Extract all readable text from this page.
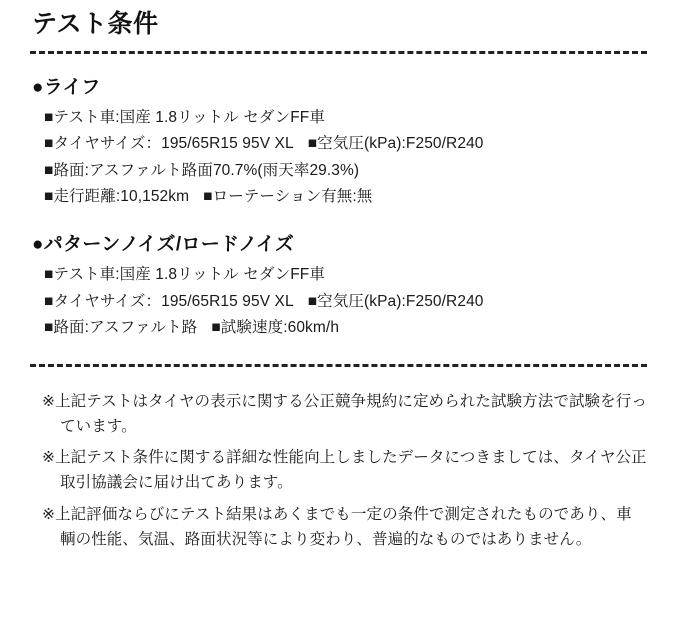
テスト条件
●ライフ
■テスト車:国産 1.8リットル セダンFF車
■タイヤサイズ：195/65R15 95V XL ■空気圧(kPa):F250/R240
■路面:アスファルト路面70.7%(雨天率29.3%)
■走行距離:10,152km ■ローテーション有無:無
●パターンノイズ/ロードノイズ
■テスト車:国産 1.8リットル セダンFF車
■タイヤサイズ：195/65R15 95V XL ■空気圧(kPa):F250/R240
■路面:アスファルト路 ■試験速度:60km/h

※上記テストはタイヤの表示に関する公正競争規約に定められた試験方法で試験を行っています。

※上記テスト条件に関する詳細な性能向上しましたデータにつきましては、タイヤ公正取引協議会に届け出てあります。

※上記評価ならびにテスト結果はあくまでも一定の条件で測定されたものであり、車輌の性能、気温、路面状況等により変わり、普遍的なものではありません。
